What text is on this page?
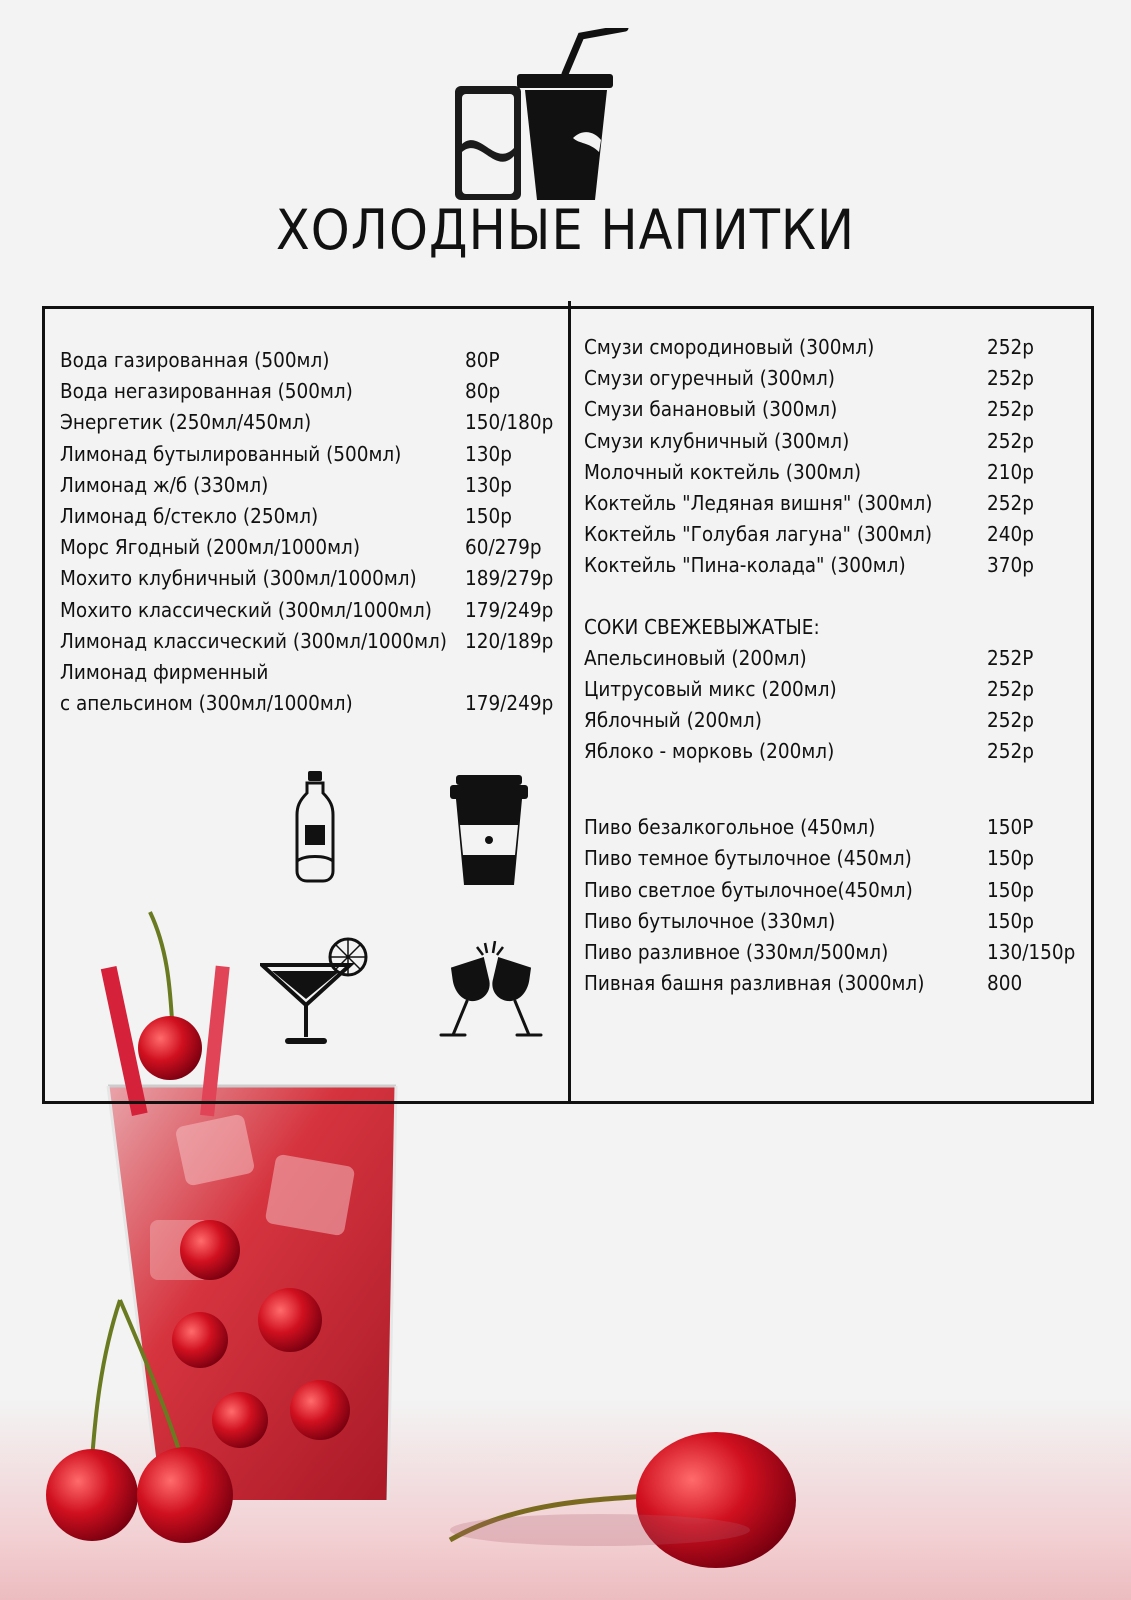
ХОЛОДНЫЕ НАПИТКИ
Вода газированная (500мл)	80Р
Вода негазированная (500мл)	80р
Энергетик (250мл/450мл)	150/180р
Лимонад бутылированный (500мл)	130р
Лимонад ж/б (330мл)	130р
Лимонад б/стекло (250мл)	150р
Морс Ягодный (200мл/1000мл)	60/279р
Мохито клубничный (300мл/1000мл) 189/279р
Мохито классический (300мл/1000мл) 179/249р
Лимонад классический (300мл/1000мл) 120/189р
Лимонад фирменный
с апельсином (300мл/1000мл)	179/249р
Смузи смородиновый (300мл)	252р
Смузи огуречный (300мл)	252р
Смузи банановый (300мл)	252р
Смузи клубничный (300мл)	252р
Молочный коктейль (300мл)	210р
Коктейль "Ледяная вишня" (300мл)	252р
Коктейль "Голубая лагуна" (300мл)	240р
Коктейль "Пина-колада" (300мл)	370р
СОКИ СВЕЖЕВЫЖАТЫЕ:
Апельсиновый (200мл)	252Р
Цитрусовый микс (200мл)	252р
Яблочный (200мл)	252р
Яблоко - морковь (200мл)	252р
Пиво безалкогольное (450мл)	150Р
Пиво темное бутылочное (450мл)	150р
Пиво светлое бутылочное(450мл)	150р
Пиво бутылочное (330мл)	150р
Пиво разливное (330мл/500мл)	130/150р
Пивная башня разливная (3000мл)	800
